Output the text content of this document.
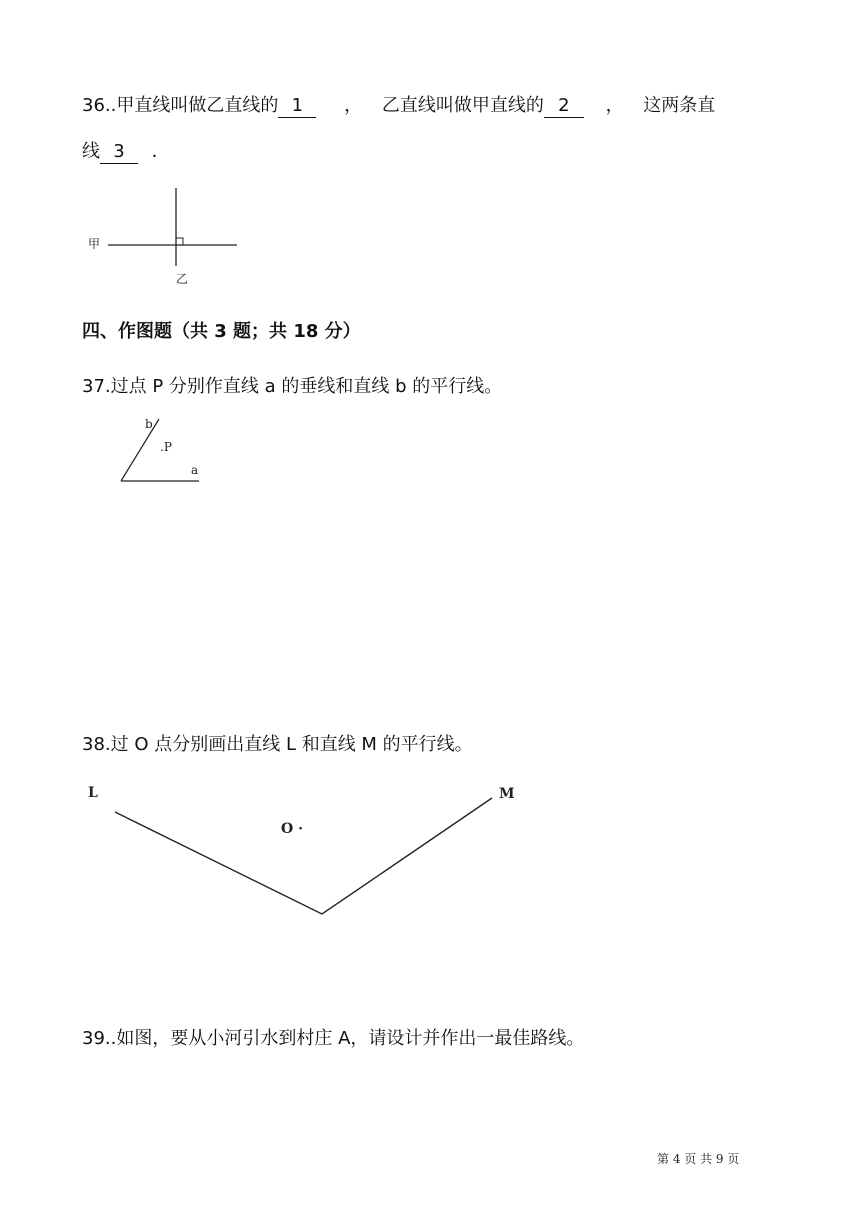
36..甲直线叫做乙直线的 1 ， 乙直线叫做甲直线的 2 ， 这两条直
线 3 ．
甲
乙
四、作图题（共 3 题；共 18 分）
37.过点 P 分别作直线 a 的垂线和直线 b 的平行线。
b
.P
a
38.过 O 点分别画出直线 L 和直线 M 的平行线。
L	M
O ·
39..如图，要从小河引水到村庄 A，请设计并作出一最佳路线。
第 4 页 共 9 页
